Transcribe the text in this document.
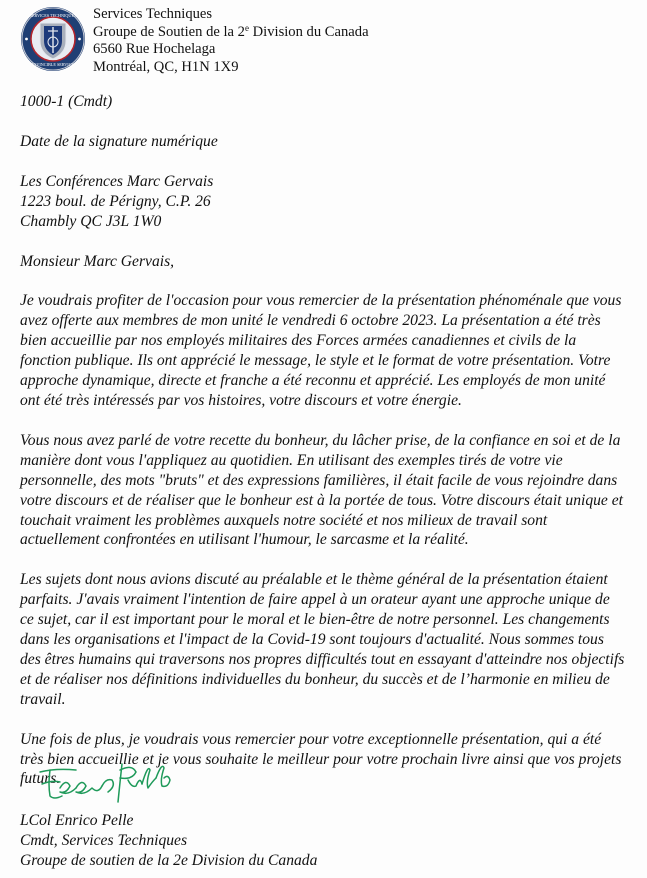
SERVICES TECHNIQUES
INVINCIBLE SERVICE
Services Techniques
Groupe de Soutien de la 2e Division du Canada
6560 Rue Hochelaga
Montréal, QC, H1N 1X9
1000-1 (Cmdt)
Date de la signature numérique
Les Conférences Marc Gervais
1223 boul. de Périgny, C.P. 26
Chambly QC J3L 1W0
Monsieur Marc Gervais,
Je voudrais profiter de l'occasion pour vous remercier de la présentation phénoménale que vous
avez offerte aux membres de mon unité le vendredi 6 octobre 2023. La présentation a été très
bien accueillie par nos employés militaires des Forces armées canadiennes et civils de la
fonction publique. Ils ont apprécié le message, le style et le format de votre présentation. Votre
approche dynamique, directe et franche a été reconnu et apprécié. Les employés de mon unité
ont été très intéressés par vos histoires, votre discours et votre énergie.
Vous nous avez parlé de votre recette du bonheur, du lâcher prise, de la confiance en soi et de la
manière dont vous l'appliquez au quotidien. En utilisant des exemples tirés de votre vie
personnelle, des mots "bruts" et des expressions familières, il était facile de vous rejoindre dans
votre discours et de réaliser que le bonheur est à la portée de tous. Votre discours était unique et
touchait vraiment les problèmes auxquels notre société et nos milieux de travail sont
actuellement confrontées en utilisant l'humour, le sarcasme et la réalité.
Les sujets dont nous avions discuté au préalable et le thème général de la présentation étaient
parfaits. J'avais vraiment l'intention de faire appel à un orateur ayant une approche unique de
ce sujet, car il est important pour le moral et le bien-être de notre personnel. Les changements
dans les organisations et l'impact de la Covid-19 sont toujours d'actualité. Nous sommes tous
des êtres humains qui traversons nos propres difficultés tout en essayant d'atteindre nos objectifs
et de réaliser nos définitions individuelles du bonheur, du succès et de l’harmonie en milieu de
travail.
Une fois de plus, je voudrais vous remercier pour votre exceptionnelle présentation, qui a été
très bien accueillie et je vous souhaite le meilleur pour votre prochain livre ainsi que vos projets
futurs.
LCol Enrico Pelle
Cmdt, Services Techniques
Groupe de soutien de la 2e Division du Canada
